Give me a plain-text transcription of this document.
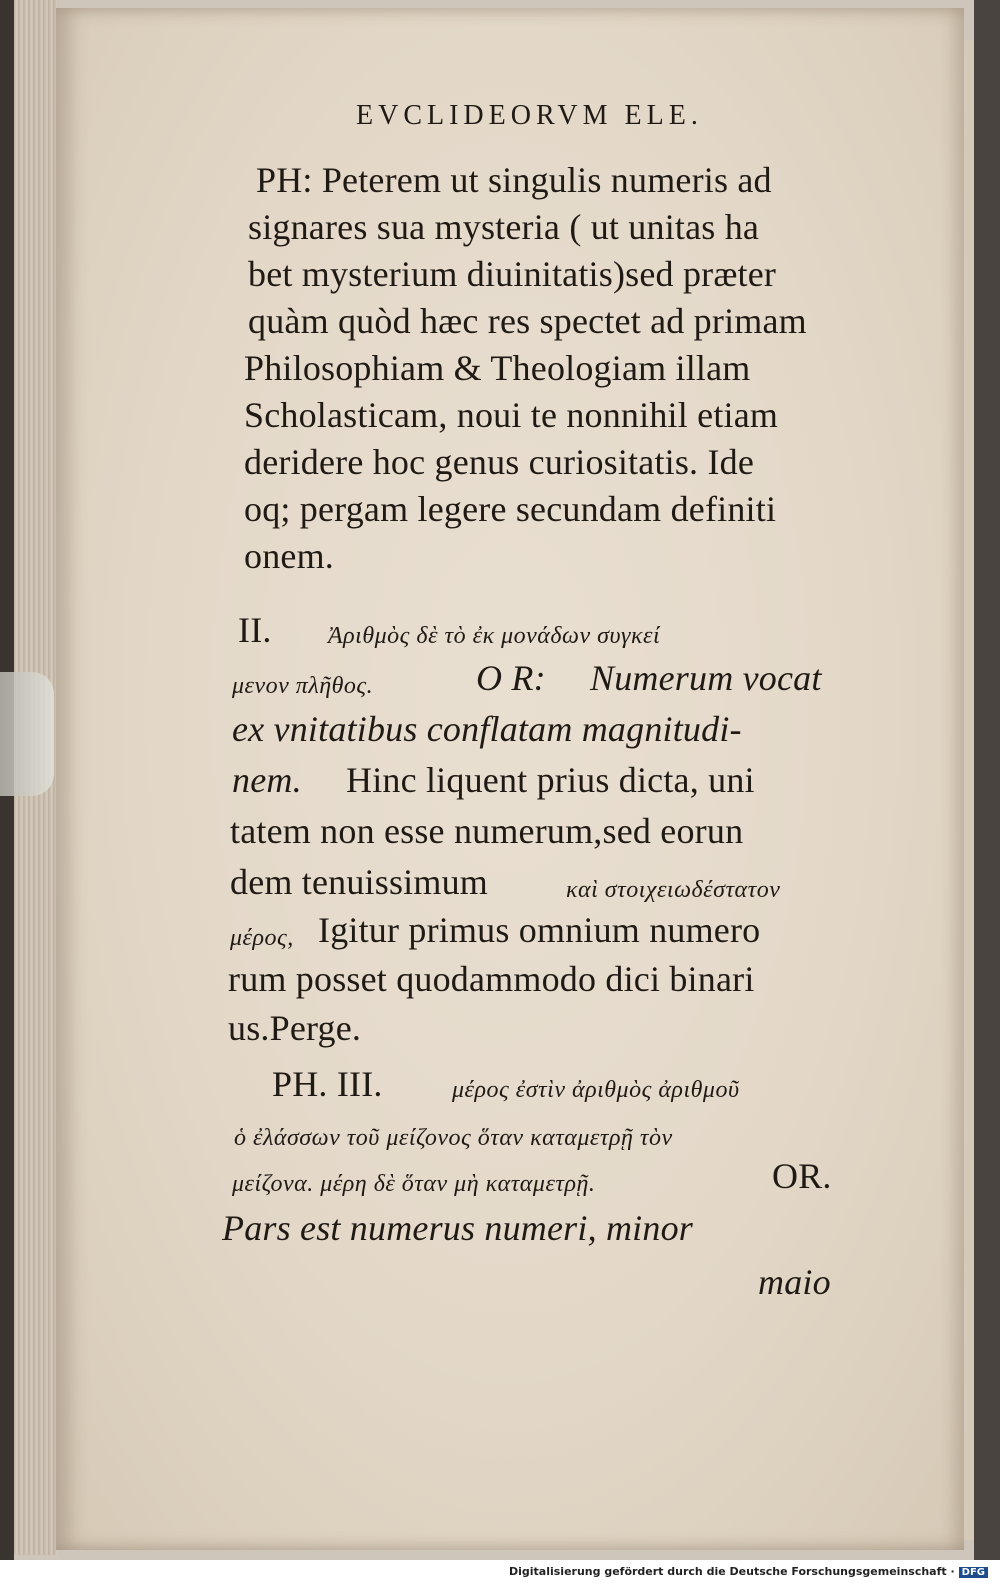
EVCLIDEORVM ELE.
PH: Peterem ut singulis numeris ad
signares sua mysteria ( ut unitas ha
bet mysterium diuinitatis)sed præter
quàm quòd hæc res spectet ad primam
Philosophiam & Theologiam illam
Scholasticam, noui te nonnihil etiam
deridere hoc genus curiositatis. Ide
oq; pergam legere secundam definiti
onem.
II. Ἀριθμὸς δὲ τὸ ἐκ μονάδων συγκεί
μενον πλῆθος.	O R: Numerum vocat
ex vnitatibus conflatam magnitudi-
nem. Hinc liquent prius dicta, uni
tatem non esse numerum,sed eorun
dem tenuissimum	καὶ στοιχειωδέστατον
μέρος, Igitur primus omnium numero
rum posset quodammodo dici binari
us.Perge.
PH. III.	μέρος ἐστὶν ἀριθμὸς ἀριθμοῦ
ὁ ἐλάσσων τοῦ μείζονος ὅταν καταμετρῇ τὸν
μείζονα. μέρη δὲ ὅταν μὴ καταμετρῇ.	OR.
Pars est numerus numeri, minor
maio
Digitalisierung gefördert durch die Deutsche Forschungsgemeinschaft · DFG
